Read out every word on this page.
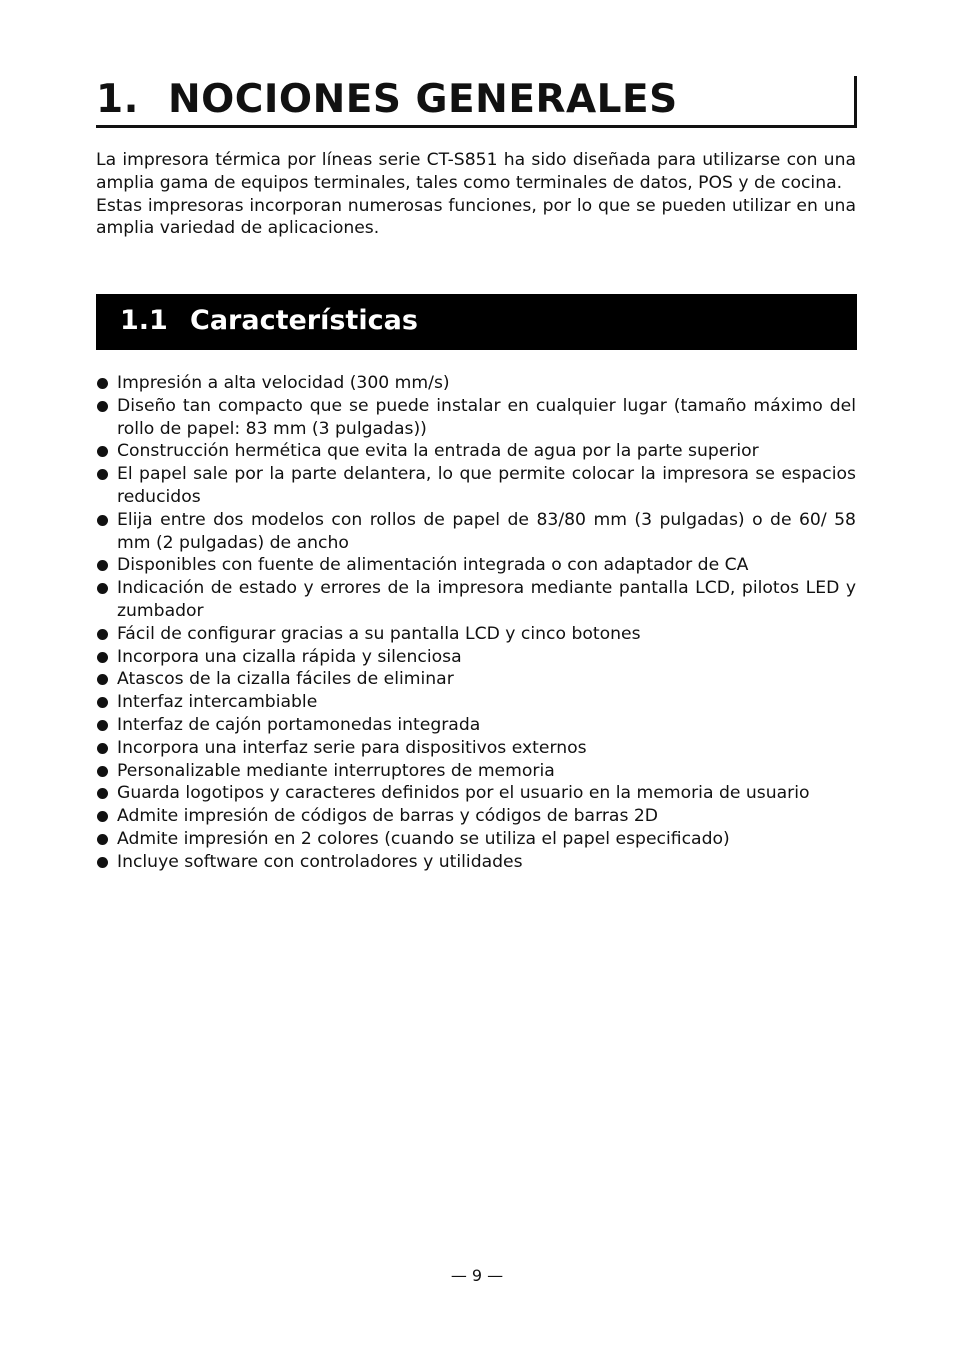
1. NOCIONES GENERALES

La impresora térmica por líneas serie CT-S851 ha sido diseñada para utilizarse con una amplia gama de equipos terminales, tales como terminales de datos, POS y de cocina.

Estas impresoras incorporan numerosas funciones, por lo que se pueden utilizar en una amplia variedad de aplicaciones.

1.1 Características
Impresión a alta velocidad (300 mm/s)
Diseño tan compacto que se puede instalar en cualquier lugar (tamaño máximo del rollo de papel: 83 mm (3 pulgadas))
Construcción hermética que evita la entrada de agua por la parte superior
El papel sale por la parte delantera, lo que permite colocar la impresora se espacios reducidos
Elija entre dos modelos con rollos de papel de 83/80 mm (3 pulgadas) o de 60/ 58 mm (2 pulgadas) de ancho
Disponibles con fuente de alimentación integrada o con adaptador de CA
Indicación de estado y errores de la impresora mediante pantalla LCD, pilotos LED y zumbador
Fácil de configurar gracias a su pantalla LCD y cinco botones
Incorpora una cizalla rápida y silenciosa
Atascos de la cizalla fáciles de eliminar
Interfaz intercambiable
Interfaz de cajón portamonedas integrada
Incorpora una interfaz serie para dispositivos externos
Personalizable mediante interruptores de memoria
Guarda logotipos y caracteres definidos por el usuario en la memoria de usuario
Admite impresión de códigos de barras y códigos de barras 2D
Admite impresión en 2 colores (cuando se utiliza el papel especificado)
Incluye software con controladores y utilidades
— 9 —
